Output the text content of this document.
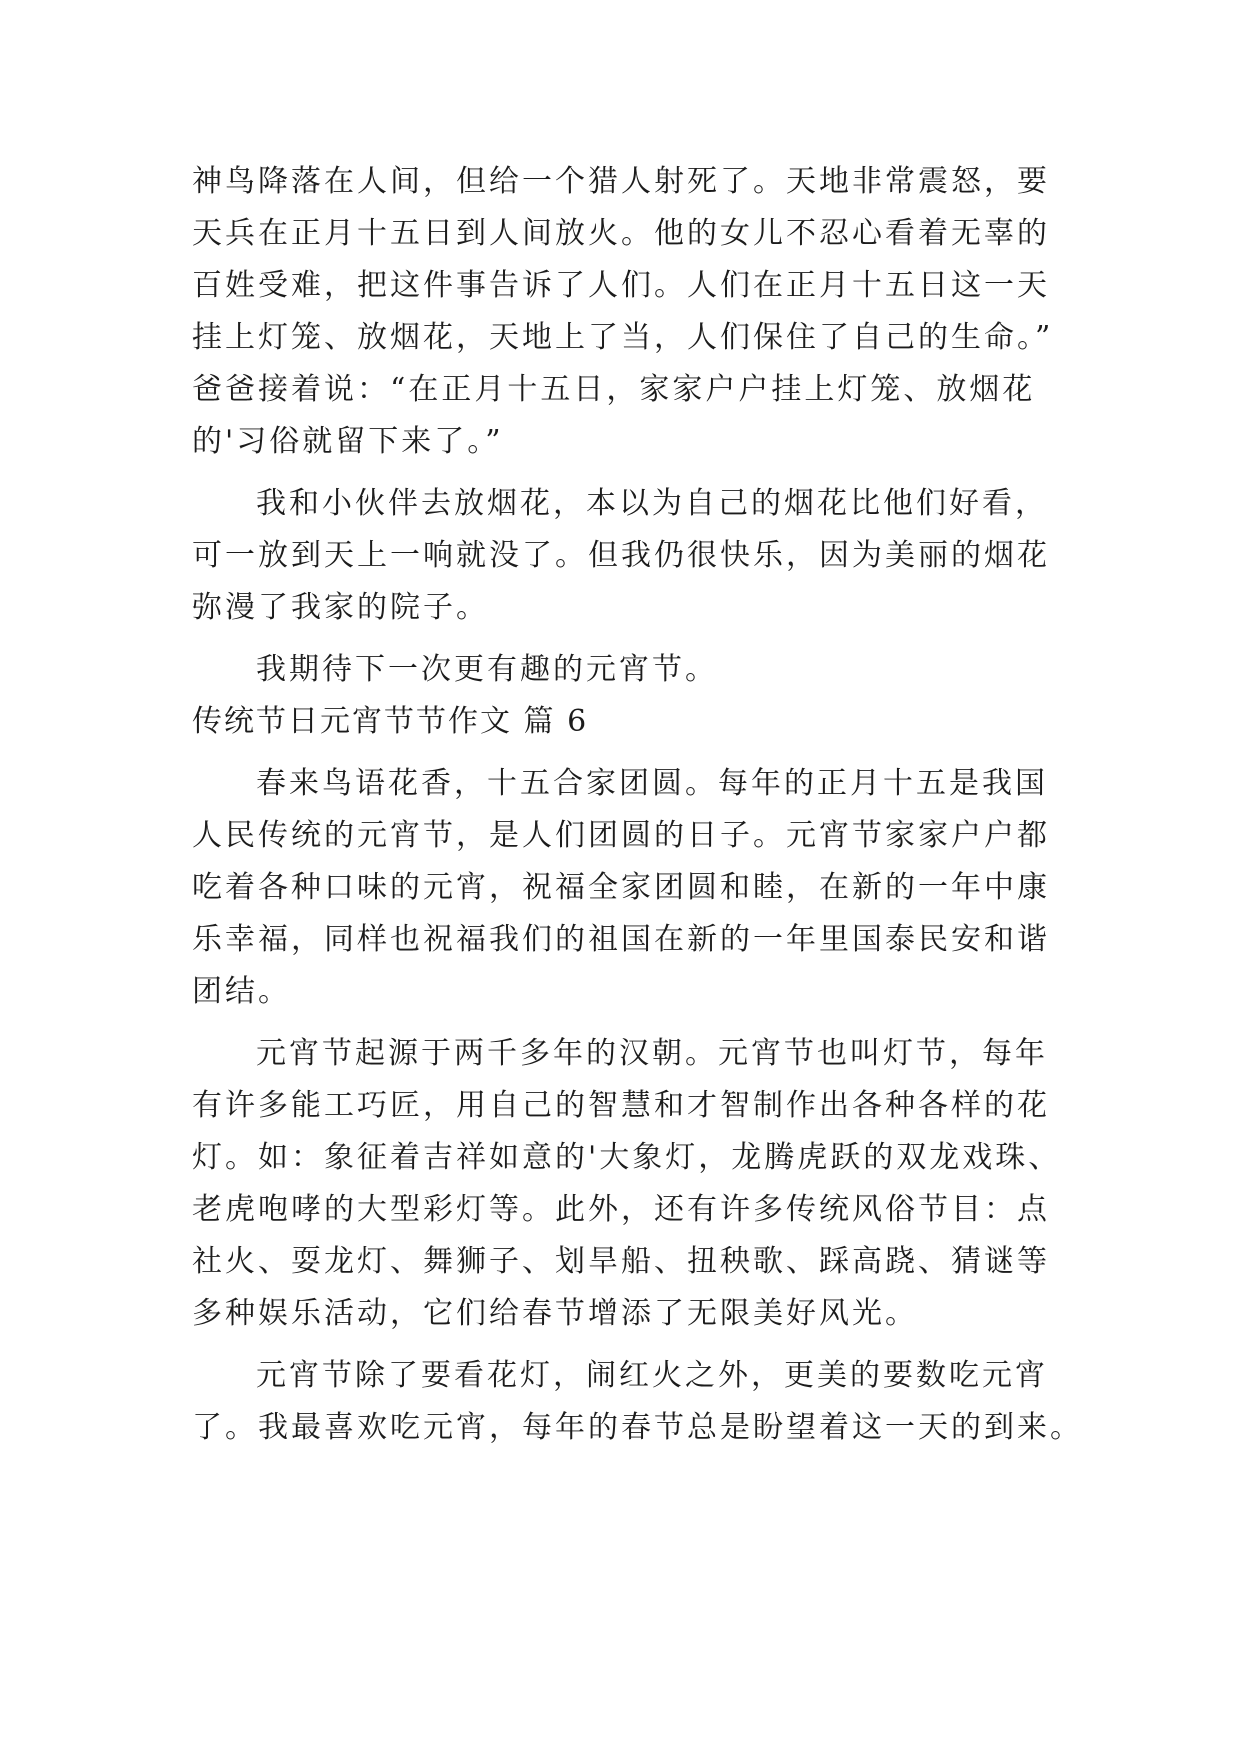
神鸟降落在人间，但给一个猎人射死了。天地非常震怒，要
天兵在正月十五日到人间放火。他的女儿不忍心看着无辜的
百姓受难，把这件事告诉了人们。人们在正月十五日这一天
挂上灯笼、放烟花，天地上了当，人们保住了自己的生命。”
爸爸接着说：“在正月十五日，家家户户挂上灯笼、放烟花
的'习俗就留下来了。”
我和小伙伴去放烟花，本以为自己的烟花比他们好看，
可一放到天上一响就没了。但我仍很快乐，因为美丽的烟花
弥漫了我家的院子。
我期待下一次更有趣的元宵节。
传统节日元宵节节作文 篇 6
春来鸟语花香，十五合家团圆。每年的正月十五是我国
人民传统的元宵节，是人们团圆的日子。元宵节家家户户都
吃着各种口味的元宵，祝福全家团圆和睦，在新的一年中康
乐幸福，同样也祝福我们的祖国在新的一年里国泰民安和谐
团结。
元宵节起源于两千多年的汉朝。元宵节也叫灯节，每年
有许多能工巧匠，用自己的智慧和才智制作出各种各样的花
灯。如：象征着吉祥如意的'大象灯，龙腾虎跃的双龙戏珠、
老虎咆哮的大型彩灯等。此外，还有许多传统风俗节目：点
社火、耍龙灯、舞狮子、划旱船、扭秧歌、踩高跷、猜谜等
多种娱乐活动，它们给春节增添了无限美好风光。
元宵节除了要看花灯，闹红火之外，更美的要数吃元宵
了。我最喜欢吃元宵，每年的春节总是盼望着这一天的到来。
